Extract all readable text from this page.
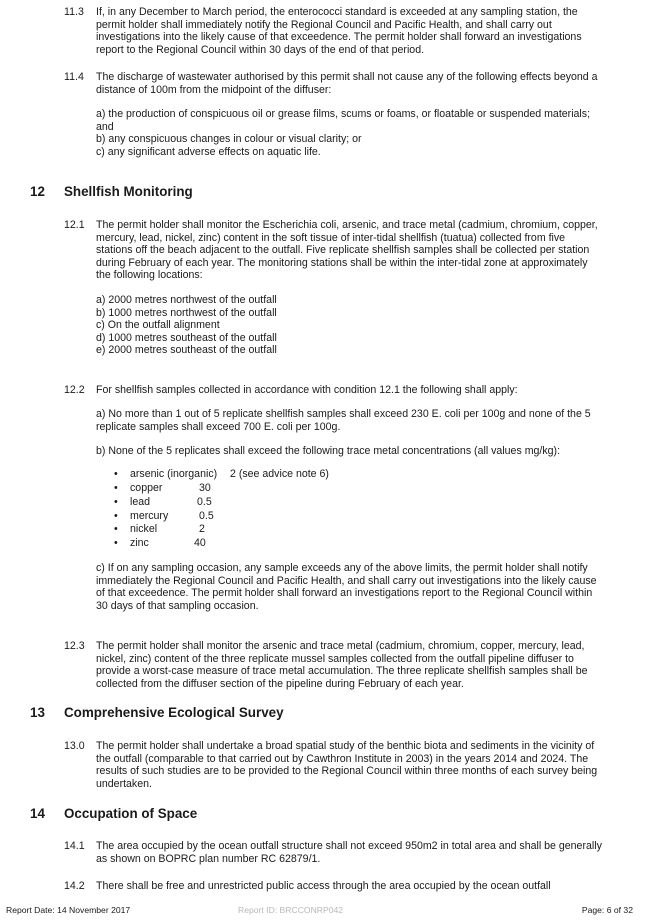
11.3 If, in any December to March period, the enterococci standard is exceeded at any sampling station, the permit holder shall immediately notify the Regional Council and Pacific Health, and shall carry out investigations into the likely cause of that exceedence. The permit holder shall forward an investigations report to the Regional Council within 30 days of the end of that period.

11.4 The discharge of wastewater authorised by this permit shall not cause any of the following effects beyond a distance of 100m from the midpoint of the diffuser:

a) the production of conspicuous oil or grease films, scums or foams, or floatable or suspended materials; and
b) any conspicuous changes in colour or visual clarity; or
c) any significant adverse effects on aquatic life.
12 Shellfish Monitoring
12.1 The permit holder shall monitor the Escherichia coli, arsenic, and trace metal (cadmium, chromium, copper, mercury, lead, nickel, zinc) content in the soft tissue of inter-tidal shellfish (tuatua) collected from five stations off the beach adjacent to the outfall. Five replicate shellfish samples shall be collected per station during February of each year. The monitoring stations shall be within the inter-tidal zone at approximately the following locations:

a) 2000 metres northwest of the outfall
b) 1000 metres northwest of the outfall
c) On the outfall alignment
d) 1000 metres southeast of the outfall
e) 2000 metres southeast of the outfall
12.2 For shellfish samples collected in accordance with condition 12.1 the following shall apply:

a) No more than 1 out of 5 replicate shellfish samples shall exceed 230 E. coli per 100g and none of the 5 replicate samples shall exceed 700 E. coli per 100g.

b) None of the 5 replicates shall exceed the following trace metal concentrations (all values mg/kg):

• arsenic (inorganic) 2 (see advice note 6)
• copper	30
• lead	0.5
• mercury	0.5
• nickel	2
• zinc	40

c) If on any sampling occasion, any sample exceeds any of the above limits, the permit holder shall notify immediately the Regional Council and Pacific Health, and shall carry out investigations into the likely cause of that exceedence. The permit holder shall forward an investigations report to the Regional Council within 30 days of that sampling occasion.

12.3 The permit holder shall monitor the arsenic and trace metal (cadmium, chromium, copper, mercury, lead, nickel, zinc) content of the three replicate mussel samples collected from the outfall pipeline diffuser to provide a worst-case measure of trace metal accumulation. The three replicate shellfish samples shall be collected from the diffuser section of the pipeline during February of each year.

13 Comprehensive Ecological Survey
13.0 The permit holder shall undertake a broad spatial study of the benthic biota and sediments in the vicinity of the outfall (comparable to that carried out by Cawthron Institute in 2003) in the years 2014 and 2024. The results of such studies are to be provided to the Regional Council within three months of each survey being undertaken.

14 Occupation of Space
14.1 The area occupied by the ocean outfall structure shall not exceed 950m2 in total area and shall be generally as shown on BOPRC plan number RC 62879/1.

14.2 There shall be free and unrestricted public access through the area occupied by the ocean outfall

Report Date: 14 November 2017	Report ID: BRCCONRP042	Page: 6 of 32
